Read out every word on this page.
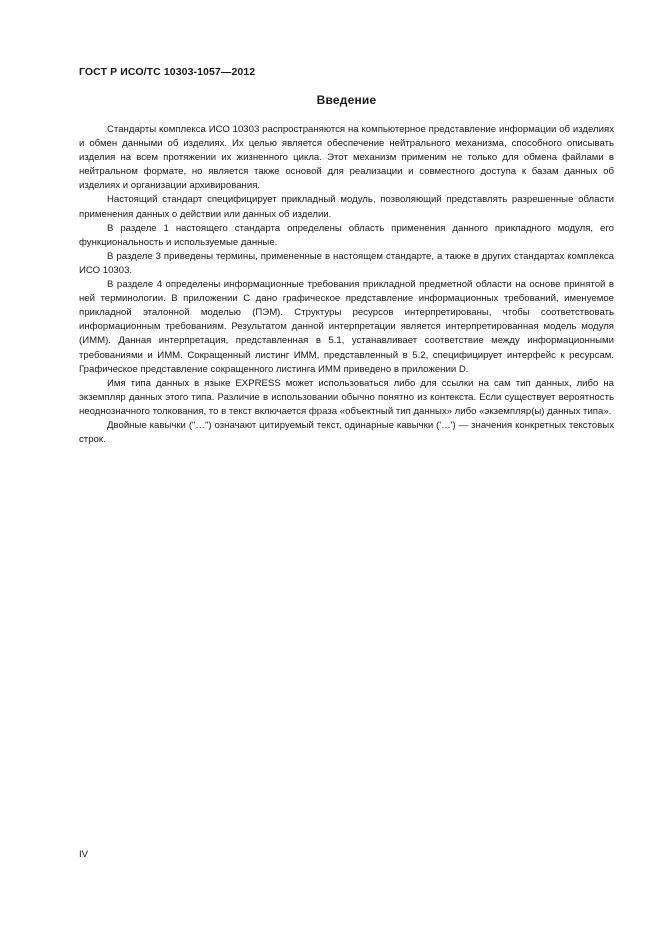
ГОСТ Р ИСО/ТС 10303-1057—2012
Введение

Стандарты комплекса ИСО 10303 распространяются на компьютерное представление информации об изделиях и обмен данными об изделиях. Их целью является обеспечение нейтрального механизма, способного описывать изделия на всем протяжении их жизненного цикла. Этот механизм применим не только для обмена файлами в нейтральном формате, но является также основой для реализации и совместного доступа к базам данных об изделиях и организации архивирования.

Настоящий стандарт специфицирует прикладный модуль, позволяющий представлять разрешенные области применения данных о действии или данных об изделии.

В разделе 1 настоящего стандарта определены область применения данного прикладного модуля, его функциональность и используемые данные.

В разделе 3 приведены термины, примененные в настоящем стандарте, а также в других стандартах комплекса ИСО 10303.

В разделе 4 определены информационные требования прикладной предметной области на основе принятой в ней терминологии. В приложении С дано графическое представление информационных требований, именуемое прикладной эталонной моделью (ПЭМ). Структуры ресурсов интерпретированы, чтобы соответствовать информационным требованиям. Результатом данной интерпретации является интерпретированная модель модуля (ИММ). Данная интерпретация, представленная в 5.1, устанавливает соответствие между информационными требованиями и ИММ. Сокращенный листинг ИММ, представленный в 5.2, специфицирует интерфейс к ресурсам. Графическое представление сокращенного листинга ИММ приведено в приложении D.

Имя типа данных в языке EXPRESS может использоваться либо для ссылки на сам тип данных, либо на экземпляр данных этого типа. Различие в использовании обычно понятно из контекста. Если существует вероятность неоднозначного толкования, то в текст включается фраза «объектный тип данных» либо «экземпляр(ы) данных типа».

Двойные кавычки ("…") означают цитируемый текст, одинарные кавычки ('…') — значения конкретных текстовых строк.

IV
